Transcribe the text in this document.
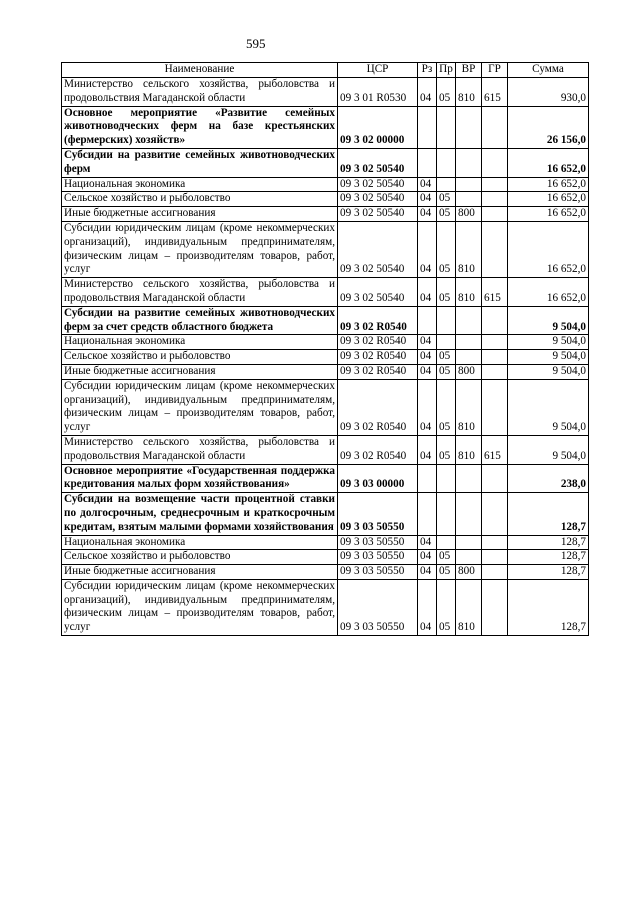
595
Наименование	ЦСР	Рз	Пр	ВР	ГР	Сумма
Министерство сельского хозяйства, рыболовства и продовольствия Магаданской области	09 3 01 R0530	04	05	810	615	930,0
Основное мероприятие «Развитие семейных животноводческих ферм на базе крестьянских (фермерских) хозяйств»	09 3 02 00000					26 156,0
Субсидии на развитие семейных животноводческих ферм	09 3 02 50540					16 652,0
Национальная экономика	09 3 02 50540	04				16 652,0
Сельское хозяйство и рыболовство	09 3 02 50540	04	05			16 652,0
Иные бюджетные ассигнования	09 3 02 50540	04	05	800		16 652,0
Субсидии юридическим лицам (кроме некоммерческих организаций), индивидуальным предпринимателям, физическим лицам – производителям товаров, работ, услуг	09 3 02 50540	04	05	810		16 652,0
Министерство сельского хозяйства, рыболовства и продовольствия Магаданской области	09 3 02 50540	04	05	810	615	16 652,0
Субсидии на развитие семейных животноводческих ферм за счет средств областного бюджета	09 3 02 R0540					9 504,0
Национальная экономика	09 3 02 R0540	04				9 504,0
Сельское хозяйство и рыболовство	09 3 02 R0540	04	05			9 504,0
Иные бюджетные ассигнования	09 3 02 R0540	04	05	800		9 504,0
Субсидии юридическим лицам (кроме некоммерческих организаций), индивидуальным предпринимателям, физическим лицам – производителям товаров, работ, услуг	09 3 02 R0540	04	05	810		9 504,0
Министерство сельского хозяйства, рыболовства и продовольствия Магаданской области	09 3 02 R0540	04	05	810	615	9 504,0
Основное мероприятие «Государственная поддержка кредитования малых форм хозяйствования»	09 3 03 00000					238,0
Субсидии на возмещение части процентной ставки по долгосрочным, среднесрочным и краткосрочным кредитам, взятым малыми формами хозяйствования	09 3 03 50550					128,7
Национальная экономика	09 3 03 50550	04				128,7
Сельское хозяйство и рыболовство	09 3 03 50550	04	05			128,7
Иные бюджетные ассигнования	09 3 03 50550	04	05	800		128,7
Субсидии юридическим лицам (кроме некоммерческих организаций), индивидуальным предпринимателям, физическим лицам – производителям товаров, работ, услуг	09 3 03 50550	04	05	810		128,7
